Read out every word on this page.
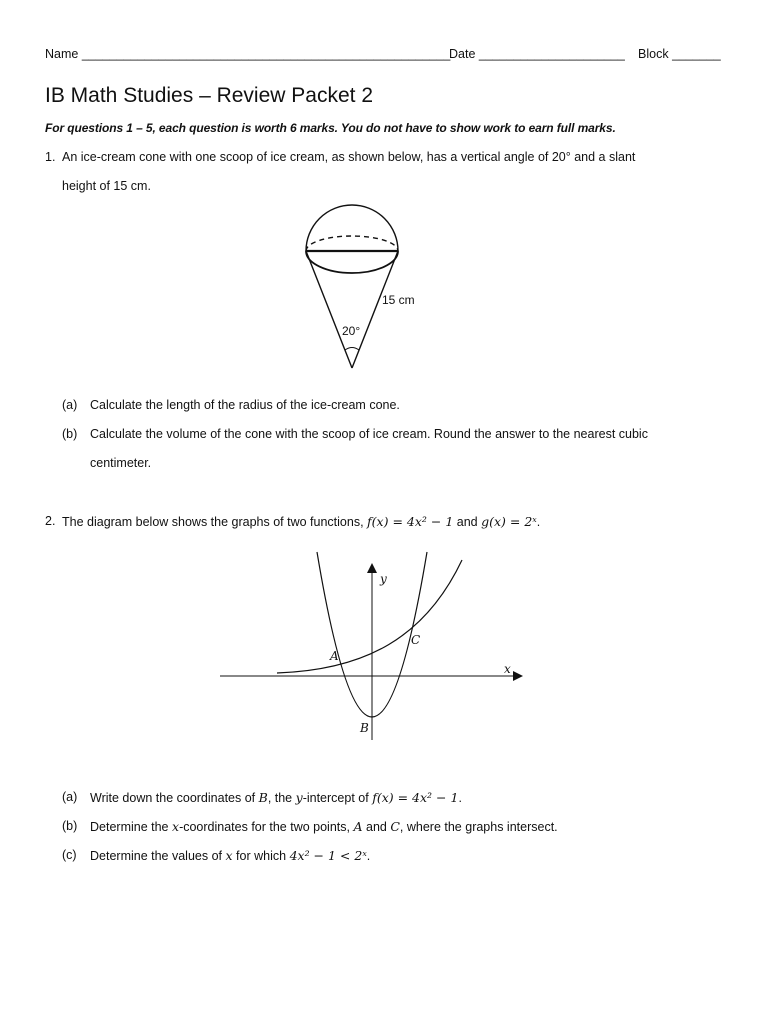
Name _____________________________________________________
Date _____________________ Block _______
IB Math Studies – Review Packet 2
For questions 1 – 5, each question is worth 6 marks. You do not have to show work to earn full marks.
1. An ice-cream cone with one scoop of ice cream, as shown below, has a vertical angle of 20° and a slant
height of 15 cm.
15 cm
20°
(a)	Calculate the length of the radius of the ice-cream cone.
(b)	Calculate the volume of the cone with the scoop of ice cream. Round the answer to the nearest cubic
centimeter.
2. The diagram below shows the graphs of two functions, f(x) = 4x² − 1 and g(x) = 2ˣ.
y
x
A
B
C
(a)	Write down the coordinates of B, the y-intercept of f(x) = 4x² − 1.
(b)	Determine the x-coordinates for the two points, A and C, where the graphs intersect.
(c)	Determine the values of x for which 4x² − 1 < 2ˣ.
